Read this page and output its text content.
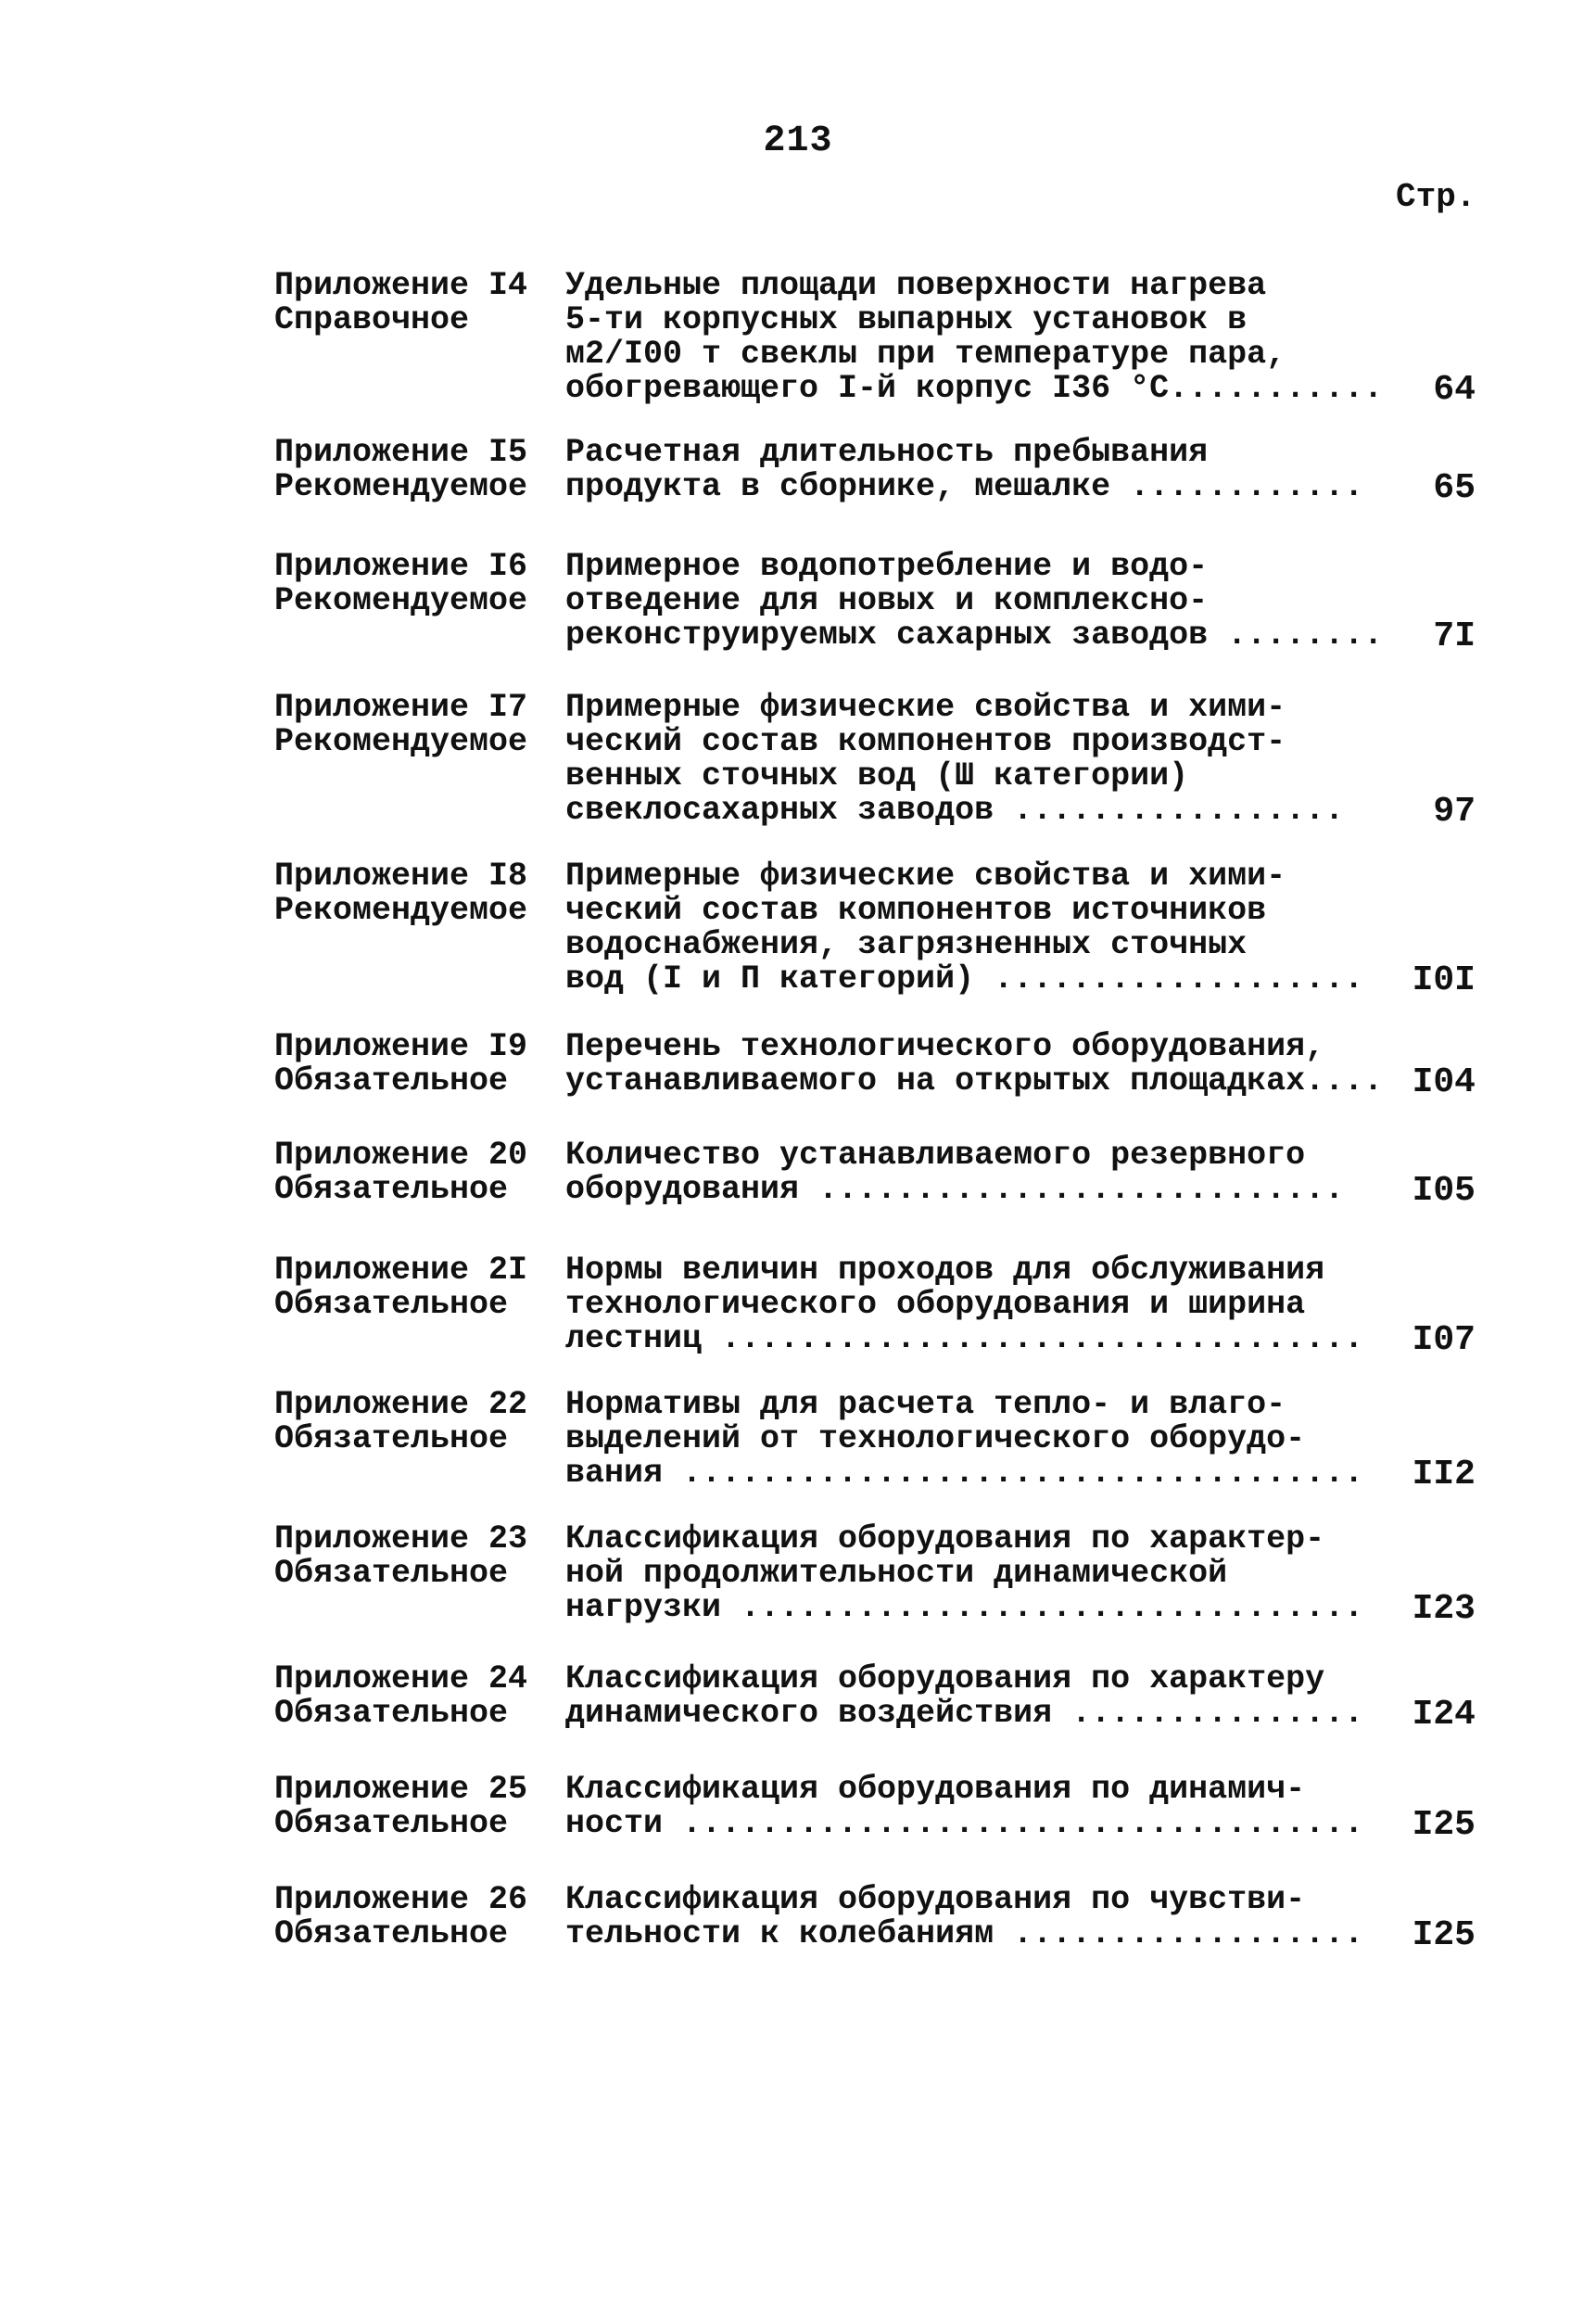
213
Стр.
Приложение I4
Справочное
Удельные площади поверхности нагрева
5-ти корпусных выпарных установок в
м2/I00 т свеклы при температуре пара,
обогревающего I-й корпус I36 °C...........	64
Приложение I5
Рекомендуемое
Расчетная длительность пребывания
продукта в сборнике, мешалке ............	65
Приложение I6
Рекомендуемое
Примерное водопотребление и водо-
отведение для новых и комплексно-
реконструируемых сахарных заводов ........	7I
Приложение I7
Рекомендуемое
Примерные физические свойства и хими-
ческий состав компонентов производст-
венных сточных вод (Ш категории)
свеклосахарных заводов .................	97
Приложение I8
Рекомендуемое
Примерные физические свойства и хими-
ческий состав компонентов источников
водоснабжения, загрязненных сточных
вод (I и П категорий) ...................	I0I
Приложение I9
Обязательное
Перечень технологического оборудования,
устанавливаемого на открытых площадках.... I04
Приложение 20
Обязательное
Количество устанавливаемого резервного
оборудования ...........................	I05
Приложение 2I
Обязательное
Нормы величин проходов для обслуживания
технологического оборудования и ширина
лестниц .................................	I07
Приложение 22
Обязательное
Нормативы для расчета тепло- и влаго-
выделений от технологического оборудо-
вания ...................................	II2
Приложение 23
Обязательное
Классификация оборудования по характер-
ной продолжительности динамической
нагрузки ................................	I23
Приложение 24
Обязательное
Классификация оборудования по характеру
динамического воздействия ...............	I24
Приложение 25
Обязательное
Классификация оборудования по динамич-
ности ...................................	I25
Приложение 26
Обязательное
Классификация оборудования по чувстви-
тельности к колебаниям ..................	I25
